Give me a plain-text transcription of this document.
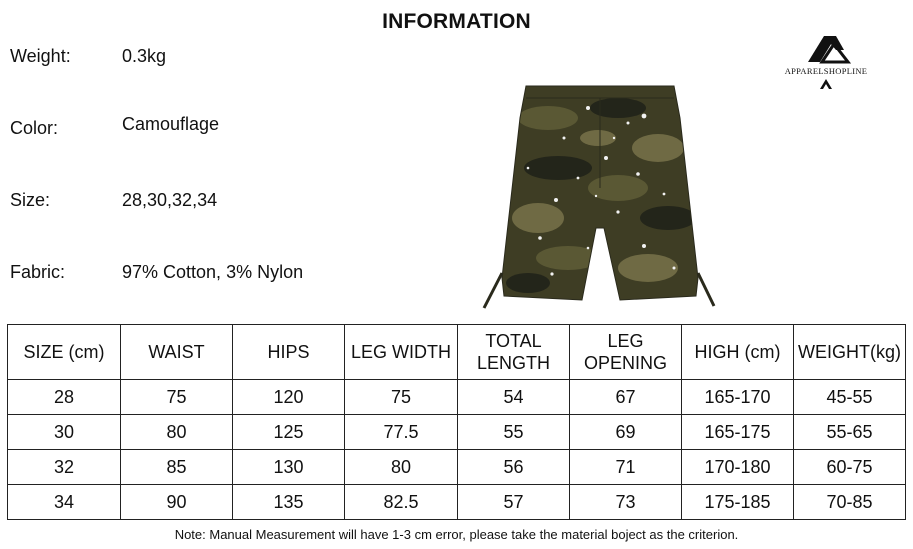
INFORMATION
Weight:	0.3kg
Color:	Camouflage
Size:	28,30,32,34
Fabric:	97% Cotton, 3% Nylon
APPARELSHOPLINE
SIZE (cm)	WAIST	HIPS	LEG WIDTH	TOTAL LENGTH	LEG OPENING	HIGH (cm)	WEIGHT(kg)
28	75	120	75	54	67	165-170	45-55
30	80	125	77.5	55	69	165-175	55-65
32	85	130	80	56	71	170-180	60-75
34	90	135	82.5	57	73	175-185	70-85
Note: Manual Measurement will have 1-3 cm error, please take the material boject as the criterion.
